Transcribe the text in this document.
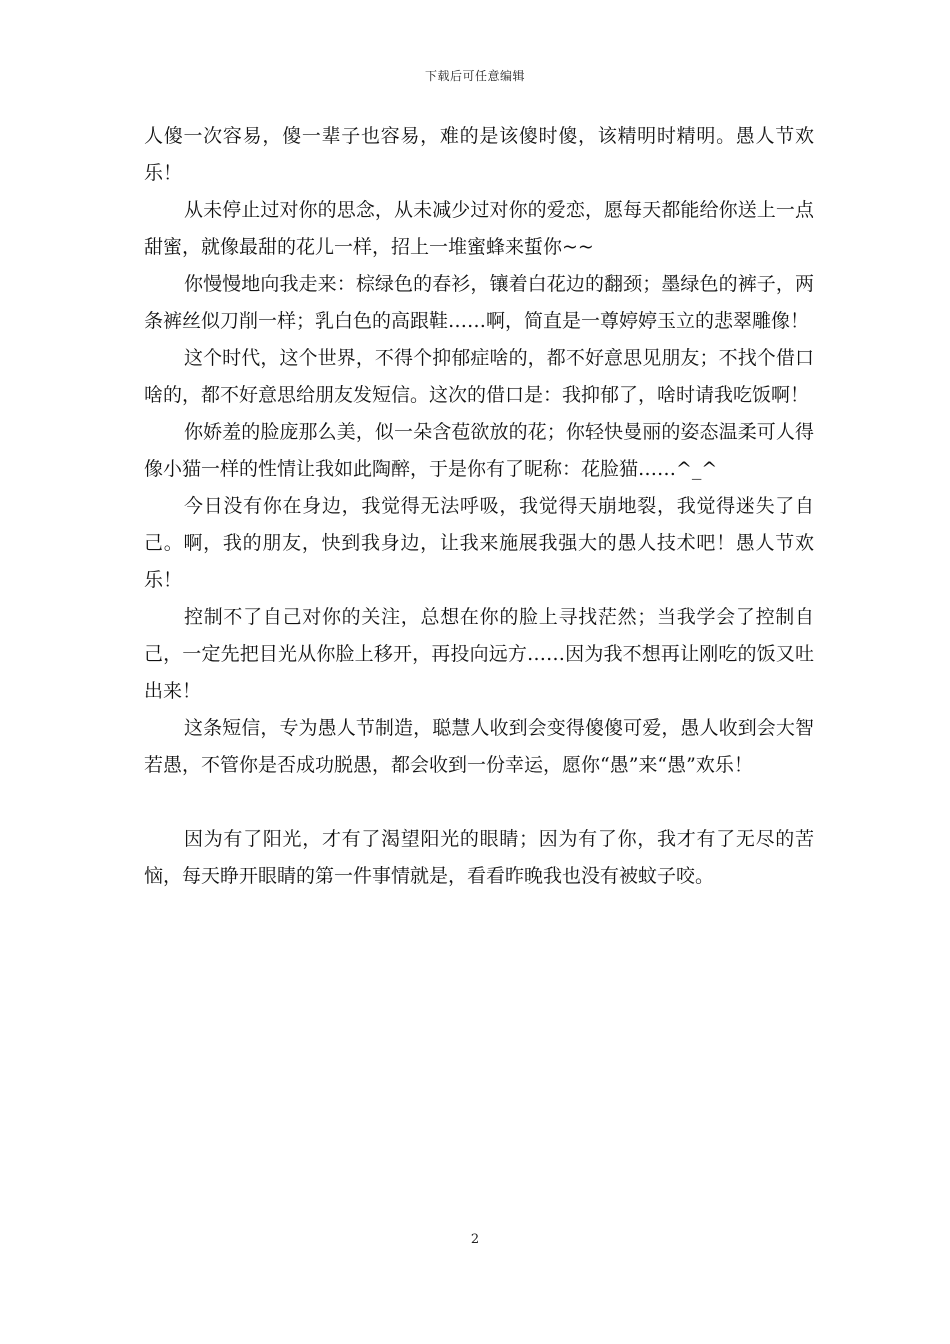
下载后可任意编辑

人傻一次容易，傻一辈子也容易，难的是该傻时傻，该精明时精明。愚人节欢乐！

从未停止过对你的思念，从未减少过对你的爱恋，愿每天都能给你送上一点甜蜜，就像最甜的花儿一样，招上一堆蜜蜂来蜇你~~

你慢慢地向我走来：棕绿色的春衫，镶着白花边的翻颈；墨绿色的裤子，两条裤丝似刀削一样；乳白色的高跟鞋……啊，简直是一尊婷婷玉立的悲翠雕像！

这个时代，这个世界，不得个抑郁症啥的，都不好意思见朋友；不找个借口啥的，都不好意思给朋友发短信。这次的借口是：我抑郁了，啥时请我吃饭啊！

你娇羞的脸庞那么美，似一朵含苞欲放的花；你轻快曼丽的姿态温柔可人得像小猫一样的性情让我如此陶醉，于是你有了昵称：花脸猫……^_^

今日没有你在身边，我觉得无法呼吸，我觉得天崩地裂，我觉得迷失了自己。啊，我的朋友，快到我身边，让我来施展我强大的愚人技术吧！愚人节欢乐！

控制不了自己对你的关注，总想在你的脸上寻找茫然；当我学会了控制自己，一定先把目光从你脸上移开，再投向远方……因为我不想再让刚吃的饭又吐出来！

这条短信，专为愚人节制造，聪慧人收到会变得傻傻可爱，愚人收到会大智若愚，不管你是否成功脱愚，都会收到一份幸运，愿你“愚”来“愚”欢乐！

因为有了阳光，才有了渴望阳光的眼睛；因为有了你，我才有了无尽的苦恼，每天睁开眼睛的第一件事情就是，看看昨晚我也没有被蚊子咬。

2
